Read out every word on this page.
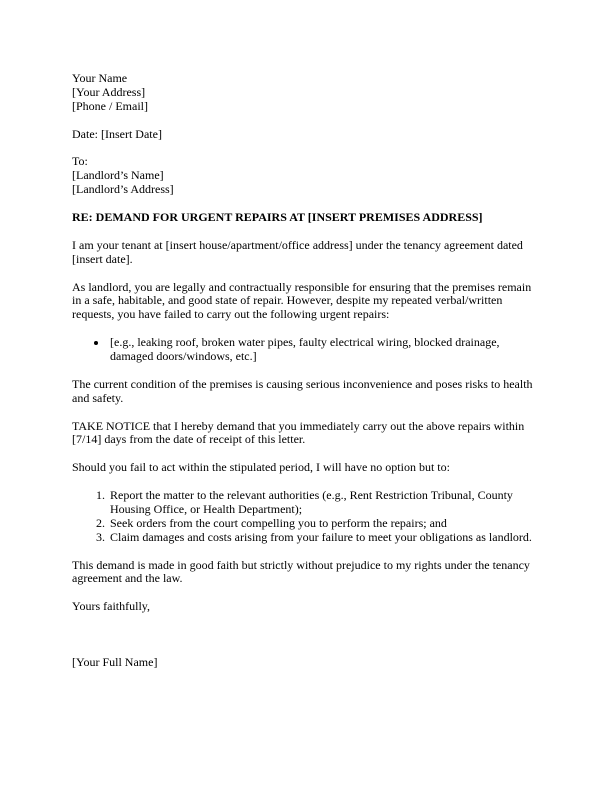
Your Name

[Your Address]

[Phone / Email]

Date: [Insert Date]

To:

[Landlord’s Name]

[Landlord’s Address]

RE: DEMAND FOR URGENT REPAIRS AT [INSERT PREMISES ADDRESS]

I am your tenant at [insert house/apartment/office address] under the tenancy agreement dated [insert date].

As landlord, you are legally and contractually responsible for ensuring that the premises remain in a safe, habitable, and good state of repair. However, despite my repeated verbal/written requests, you have failed to carry out the following urgent repairs:

• [e.g., leaking roof, broken water pipes, faulty electrical wiring, blocked drainage, damaged doors/windows, etc.]

The current condition of the premises is causing serious inconvenience and poses risks to health and safety.

TAKE NOTICE that I hereby demand that you immediately carry out the above repairs within [7/14] days from the date of receipt of this letter.

Should you fail to act within the stipulated period, I will have no option but to:

1. Report the matter to the relevant authorities (e.g., Rent Restriction Tribunal, County Housing Office, or Health Department);
2. Seek orders from the court compelling you to perform the repairs; and
3. Claim damages and costs arising from your failure to meet your obligations as landlord.

This demand is made in good faith but strictly without prejudice to my rights under the tenancy agreement and the law.

Yours faithfully,

[Your Full Name]
